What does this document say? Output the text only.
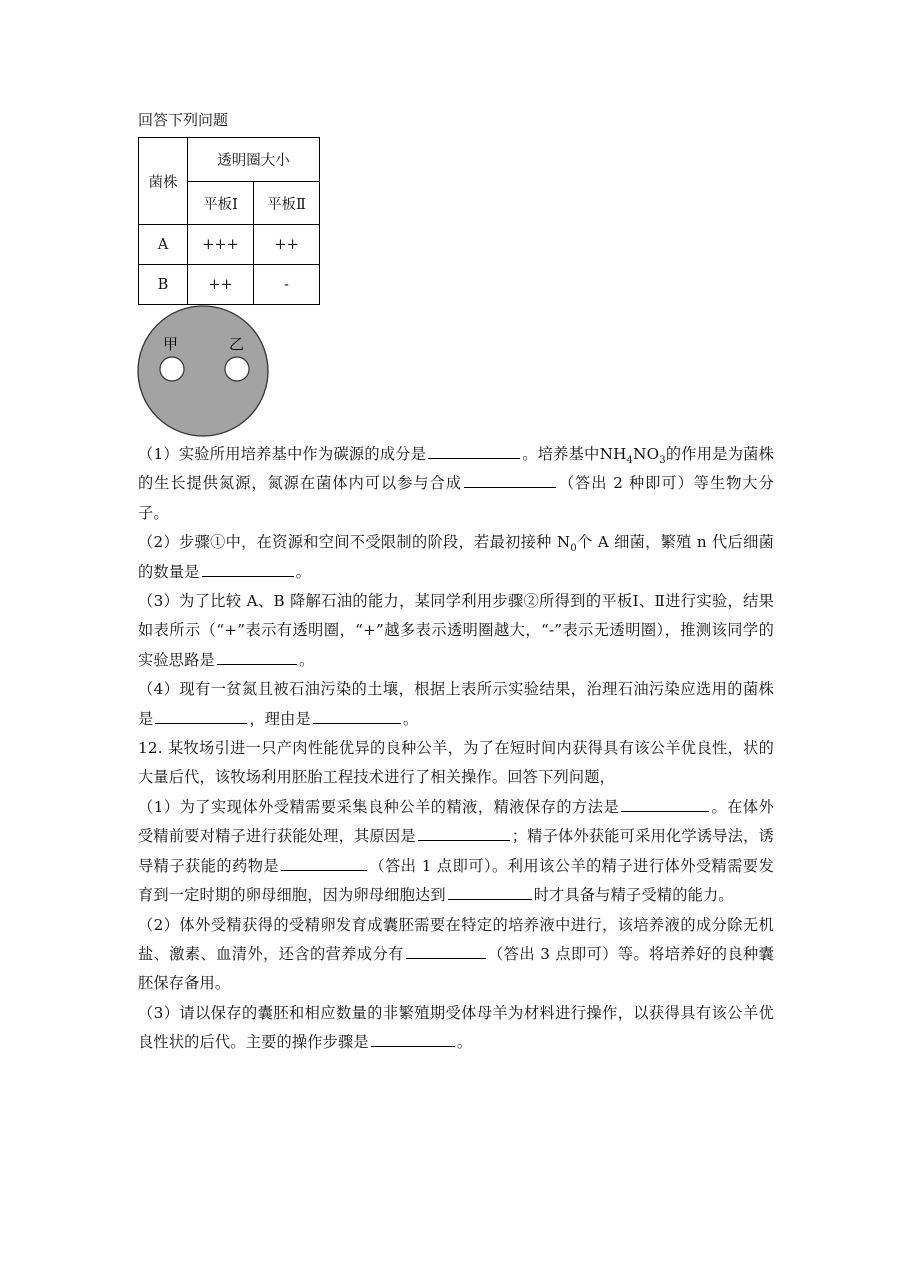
回答下列问题
菌株	透明圈大小	
	平板Ⅰ	平板Ⅱ
A	+++	++
B	++	-
甲	乙

（1）实验所用培养基中作为碳源的成分是	。培养基中$NH_4NO_3$的作用是为菌株的生长提供氮源，氮源在菌体内可以参与合成	（答出 2 种即可）等生物大分子。

（2）步骤①中，在资源和空间不受限制的阶段，若最初接种 $N_0$个 A 细菌，繁殖 n 代后细菌的数量是	。

（3）为了比较 A、B 降解石油的能力，某同学利用步骤②所得到的平板Ⅰ、Ⅱ进行实验，结果如表所示（“+”表示有透明圈，“+”越多表示透明圈越大，“-”表示无透明圈），推测该同学的实验思路是	。

（4）现有一贫氮且被石油污染的土壤，根据上表所示实验结果，治理石油污染应选用的菌株是	，理由是	。

12. 某牧场引进一只产肉性能优异的良种公羊，为了在短时间内获得具有该公羊优良性，状的大量后代，该牧场利用胚胎工程技术进行了相关操作。回答下列问题，

（1）为了实现体外受精需要采集良种公羊的精液，精液保存的方法是	。在体外受精前要对精子进行获能处理，其原因是	；精子体外获能可采用化学诱导法，诱导精子获能的药物是	（答出 1 点即可）。利用该公羊的精子进行体外受精需要发育到一定时期的卵母细胞，因为卵母细胞达到	时才具备与精子受精的能力。

（2）体外受精获得的受精卵发育成囊胚需要在特定的培养液中进行，该培养液的成分除无机盐、激素、血清外，还含的营养成分有	（答出 3 点即可）等。将培养好的良种囊胚保存备用。

（3）请以保存的囊胚和相应数量的非繁殖期受体母羊为材料进行操作，以获得具有该公羊优良性状的后代。主要的操作步骤是	。
